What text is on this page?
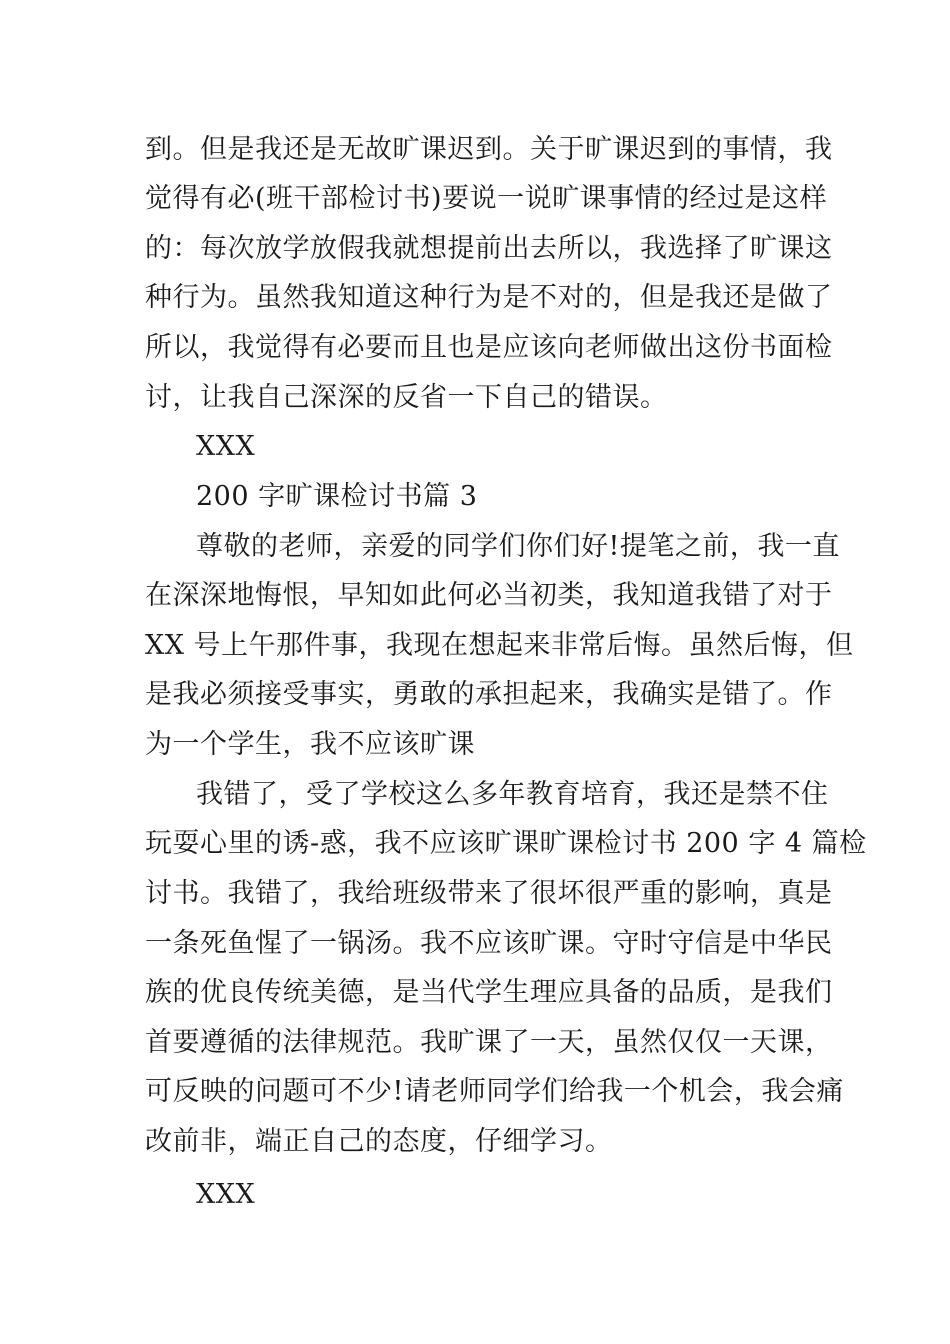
到。但是我还是无故旷课迟到。关于旷课迟到的事情，我
觉得有必(班干部检讨书)要说一说旷课事情的经过是这样
的：每次放学放假我就想提前出去所以，我选择了旷课这
种行为。虽然我知道这种行为是不对的，但是我还是做了
所以，我觉得有必要而且也是应该向老师做出这份书面检
讨，让我自己深深的反省一下自己的错误。
XXX
200 字旷课检讨书篇 3
尊敬的老师，亲爱的同学们你们好!提笔之前，我一直
在深深地悔恨，早知如此何必当初类，我知道我错了对于
XX 号上午那件事，我现在想起来非常后悔。虽然后悔，但
是我必须接受事实，勇敢的承担起来，我确实是错了。作
为一个学生，我不应该旷课
我错了，受了学校这么多年教育培育，我还是禁不住
玩耍心里的诱-惑，我不应该旷课旷课检讨书 200 字 4 篇检
讨书。我错了，我给班级带来了很坏很严重的影响，真是
一条死鱼惺了一锅汤。我不应该旷课。守时守信是中华民
族的优良传统美德，是当代学生理应具备的品质，是我们
首要遵循的法律规范。我旷课了一天，虽然仅仅一天课，
可反映的问题可不少!请老师同学们给我一个机会，我会痛
改前非，端正自己的态度，仔细学习。
XXX
